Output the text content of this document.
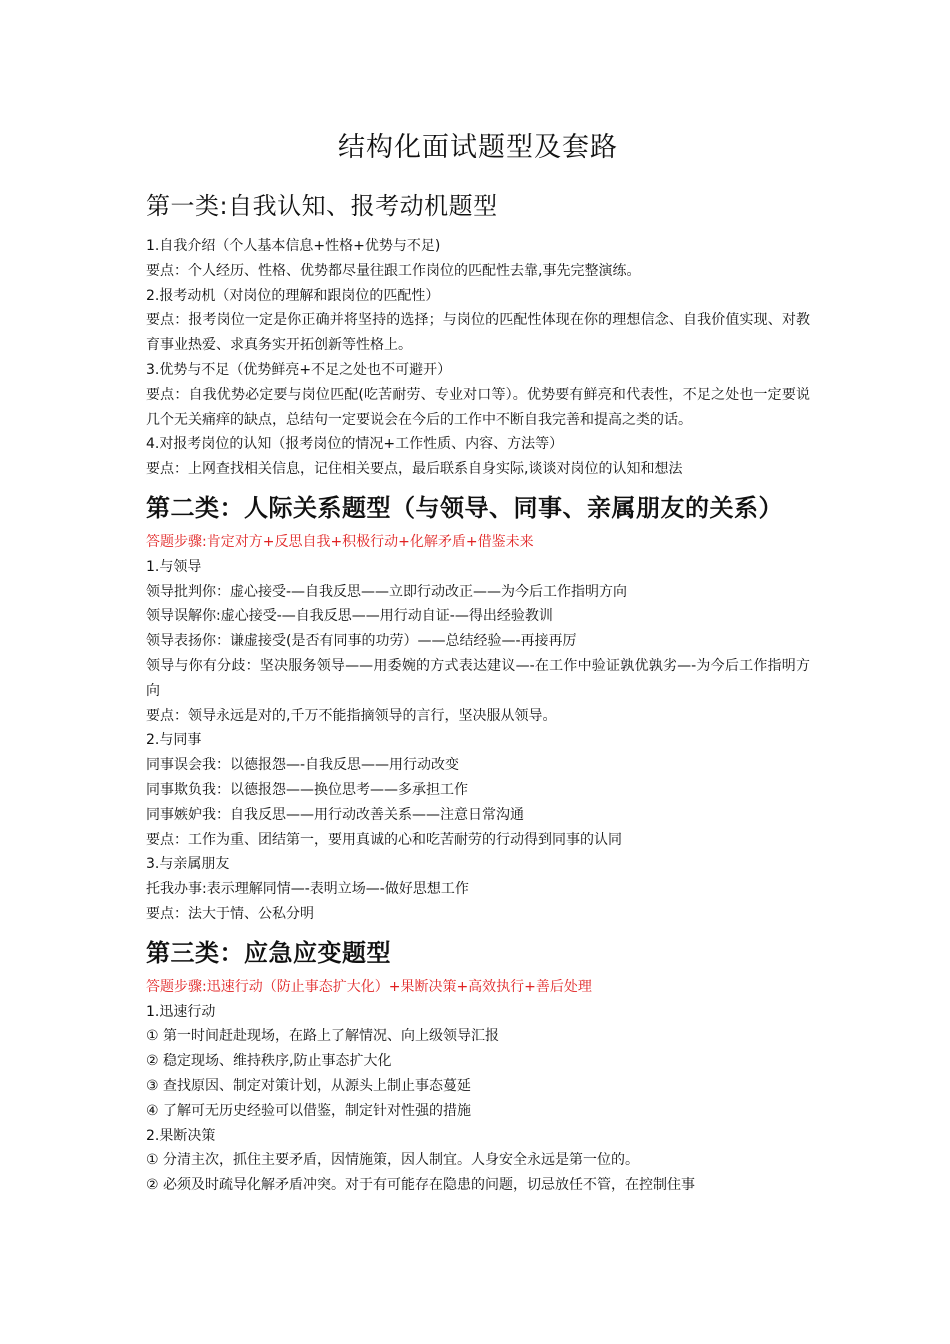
结构化面试题型及套路
第一类:自我认知、报考动机题型
1.自我介绍（个人基本信息+性格+优势与不足)
要点：个人经历、性格、优势都尽量往跟工作岗位的匹配性去靠,事先完整演练。
2.报考动机（对岗位的理解和跟岗位的匹配性）
要点：报考岗位一定是你正确并将坚持的选择；与岗位的匹配性体现在你的理想信念、自我价值实现、对教育事业热爱、求真务实开拓创新等性格上。
3.优势与不足（优势鲜亮+不足之处也不可避开）
要点：自我优势必定要与岗位匹配(吃苦耐劳、专业对口等）。优势要有鲜亮和代表性，不足之处也一定要说几个无关痛痒的缺点，总结句一定要说会在今后的工作中不断自我完善和提高之类的话。
4.对报考岗位的认知（报考岗位的情况+工作性质、内容、方法等）
要点：上网查找相关信息，记住相关要点，最后联系自身实际,谈谈对岗位的认知和想法
第二类：人际关系题型（与领导、同事、亲属朋友的关系）
答题步骤:肯定对方+反思自我+积极行动+化解矛盾+借鉴未来
1.与领导
领导批判你：虚心接受-—自我反思——立即行动改正——为今后工作指明方向
领导误解你:虚心接受-—自我反思——用行动自证-—得出经验教训
领导表扬你：谦虚接受(是否有同事的功劳）——总结经验—-再接再厉
领导与你有分歧：坚决服务领导——用委婉的方式表达建议—-在工作中验证孰优孰劣—-为今后工作指明方向
要点：领导永远是对的,千万不能指摘领导的言行，坚决服从领导。
2.与同事
同事误会我：以德报怨—-自我反思——用行动改变
同事欺负我：以德报怨——换位思考——多承担工作
同事嫉妒我：自我反思——用行动改善关系——注意日常沟通
要点：工作为重、团结第一，要用真诚的心和吃苦耐劳的行动得到同事的认同
3.与亲属朋友
托我办事:表示理解同情—-表明立场—-做好思想工作
要点：法大于情、公私分明
第三类：应急应变题型
答题步骤:迅速行动（防止事态扩大化）+果断决策+高效执行+善后处理
1.迅速行动
① 第一时间赶赴现场，在路上了解情况、向上级领导汇报
② 稳定现场、维持秩序,防止事态扩大化
③ 查找原因、制定对策计划，从源头上制止事态蔓延
④ 了解可无历史经验可以借鉴，制定针对性强的措施
2.果断决策
① 分清主次，抓住主要矛盾，因情施策，因人制宜。人身安全永远是第一位的。
② 必须及时疏导化解矛盾冲突。对于有可能存在隐患的问题，切忌放任不管，在控制住事
